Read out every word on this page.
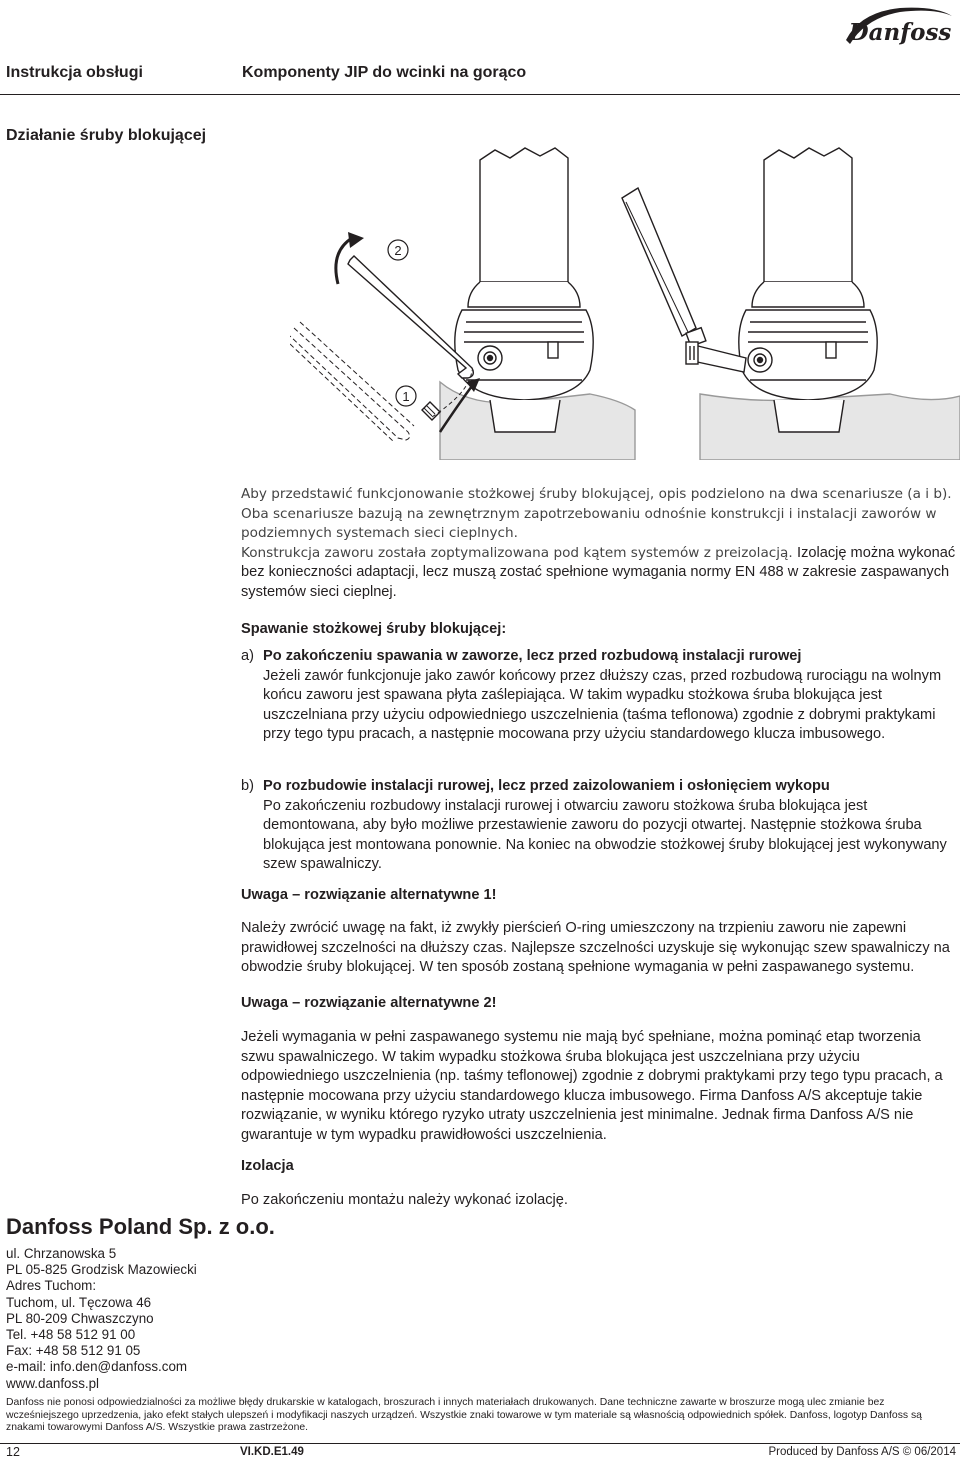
Danfoss
Instrukcja obsługi	Komponenty JIP do wcinki na gorąco
Działanie śruby blokującej
2
1
Aby przedstawić funkcjonowanie stożkowej śruby blokującej, opis podzielono na dwa scenariusze (a i b). Oba scenariusze bazują na zewnętrznym zapotrzebowaniu odnośnie konstrukcji i instalacji zaworów w podziemnych systemach sieci cieplnych.
Konstrukcja zaworu została zoptymalizowana pod kątem systemów z preizolacją. Izolację można wykonać bez konieczności adaptacji, lecz muszą zostać spełnione wymagania normy EN 488 w zakresie zaspawanych systemów sieci cieplnej.
Spawanie stożkowej śruby blokującej:
a) Po zakończeniu spawania w zaworze, lecz przed rozbudową instalacji rurowej
Jeżeli zawór funkcjonuje jako zawór końcowy przez dłuższy czas, przed rozbudową rurociągu na wolnym końcu zaworu jest spawana płyta zaślepiająca. W takim wypadku stożkowa śruba blokująca jest uszczelniana przy użyciu odpowiedniego uszczelnienia (taśma teflonowa) zgodnie z dobrymi praktykami przy tego typu pracach, a następnie mocowana przy użyciu standardowego klucza imbusowego.
b) Po rozbudowie instalacji rurowej, lecz przed zaizolowaniem i osłonięciem wykopu
Po zakończeniu rozbudowy instalacji rurowej i otwarciu zaworu stożkowa śruba blokująca jest demontowana, aby było możliwe przestawienie zaworu do pozycji otwartej. Następnie stożkowa śruba blokująca jest montowana ponownie. Na koniec na obwodzie stożkowej śruby blokującej jest wykonywany szew spawalniczy.
Uwaga – rozwiązanie alternatywne 1!
Należy zwrócić uwagę na fakt, iż zwykły pierścień O-ring umieszczony na trzpieniu zaworu nie zapewni prawidłowej szczelności na dłuższy czas. Najlepsze szczelności uzyskuje się wykonując szew spawalniczy na obwodzie śruby blokującej. W ten sposób zostaną spełnione wymagania w pełni zaspawanego systemu.
Uwaga – rozwiązanie alternatywne 2!
Jeżeli wymagania w pełni zaspawanego systemu nie mają być spełniane, można pominąć etap tworzenia szwu spawalniczego. W takim wypadku stożkowa śruba blokująca jest uszczelniana przy użyciu odpowiedniego uszczelnienia (np. taśmy teflonowej) zgodnie z dobrymi praktykami przy tego typu pracach, a następnie mocowana przy użyciu standardowego klucza imbusowego. Firma Danfoss A/S akceptuje takie rozwiązanie, w wyniku którego ryzyko utraty uszczelnienia jest minimalne. Jednak firma Danfoss A/S nie gwarantuje w tym wypadku prawidłowości uszczelnienia.
Izolacja
Po zakończeniu montażu należy wykonać izolację.
Danfoss Poland Sp. z o.o.
ul. Chrzanowska 5
PL 05-825 Grodzisk Mazowiecki
Adres Tuchom:
Tuchom, ul. Tęczowa 46
PL 80-209 Chwaszczyno
Tel. +48 58 512 91 00
Fax: +48 58 512 91 05
e-mail: info.den@danfoss.com
www.danfoss.pl
Danfoss nie ponosi odpowiedzialności za możliwe błędy drukarskie w katalogach, broszurach i innych materiałach drukowanych. Dane techniczne zawarte w broszurze mogą ulec zmianie bez wcześniejszego uprzedzenia, jako efekt stałych ulepszeń i modyfikacji naszych urządzeń. Wszystkie znaki towarowe w tym materiale są własnością odpowiednich spółek. Danfoss, logotyp Danfoss są znakami towarowymi Danfoss A/S. Wszystkie prawa zastrzeżone.
12	VI.KD.E1.49	Produced by Danfoss A/S © 06/2014
